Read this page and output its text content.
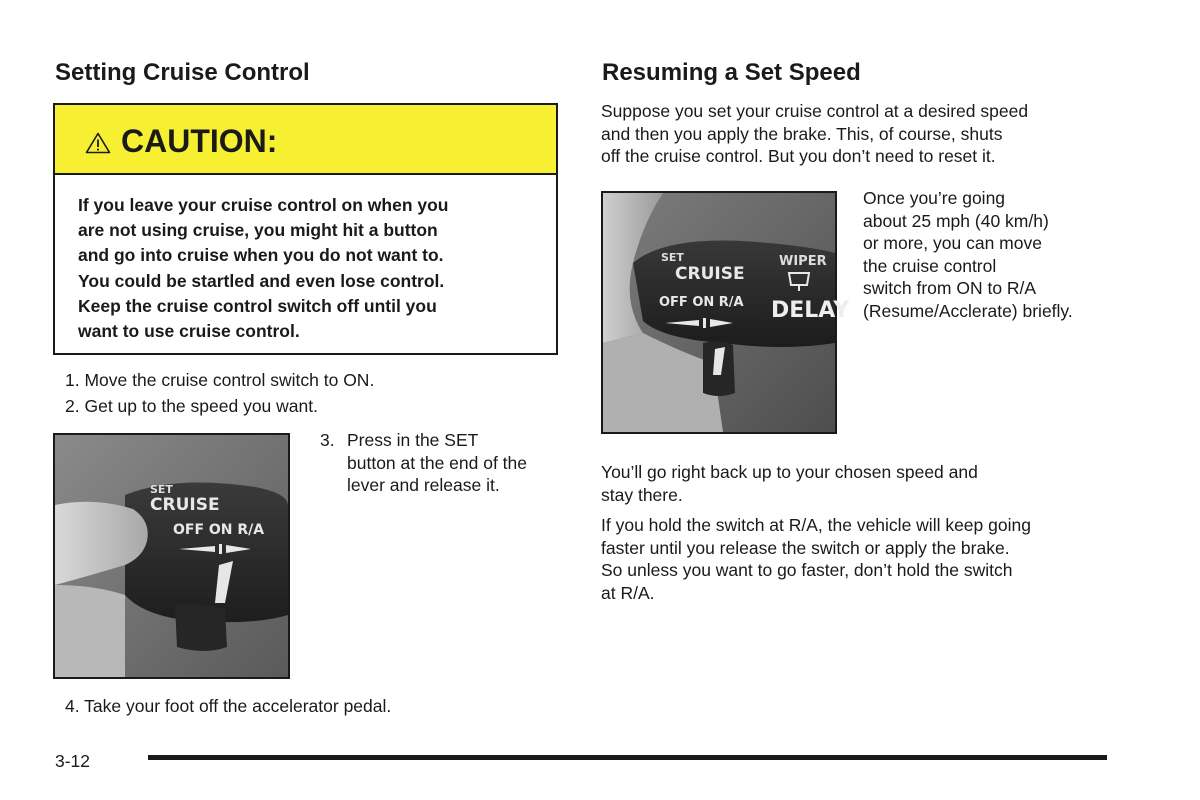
Setting Cruise Control
CAUTION:
If you leave your cruise control on when you
are not using cruise, you might hit a button
and go into cruise when you do not want to.
You could be startled and even lose control.
Keep the cruise control switch off until you
want to use cruise control.
1. Move the cruise control switch to ON.
2. Get up to the speed you want.
SET
CRUISE
OFF ON R/A
3. Press in the SET
button at the end of the
lever and release it.
4. Take your foot off the accelerator pedal.
Resuming a Set Speed
Suppose you set your cruise control at a desired speed
and then you apply the brake. This, of course, shuts
off the cruise control. But you don’t need to reset it.
SET
CRUISE
OFF ON R/A
WIPER
DELAY
Once you’re going
about 25 mph (40 km/h)
or more, you can move
the cruise control
switch from ON to R/A
(Resume/Acclerate) briefly.
You’ll go right back up to your chosen speed and
stay there.
If you hold the switch at R/A, the vehicle will keep going
faster until you release the switch or apply the brake.
So unless you want to go faster, don’t hold the switch
at R/A.
3-12
